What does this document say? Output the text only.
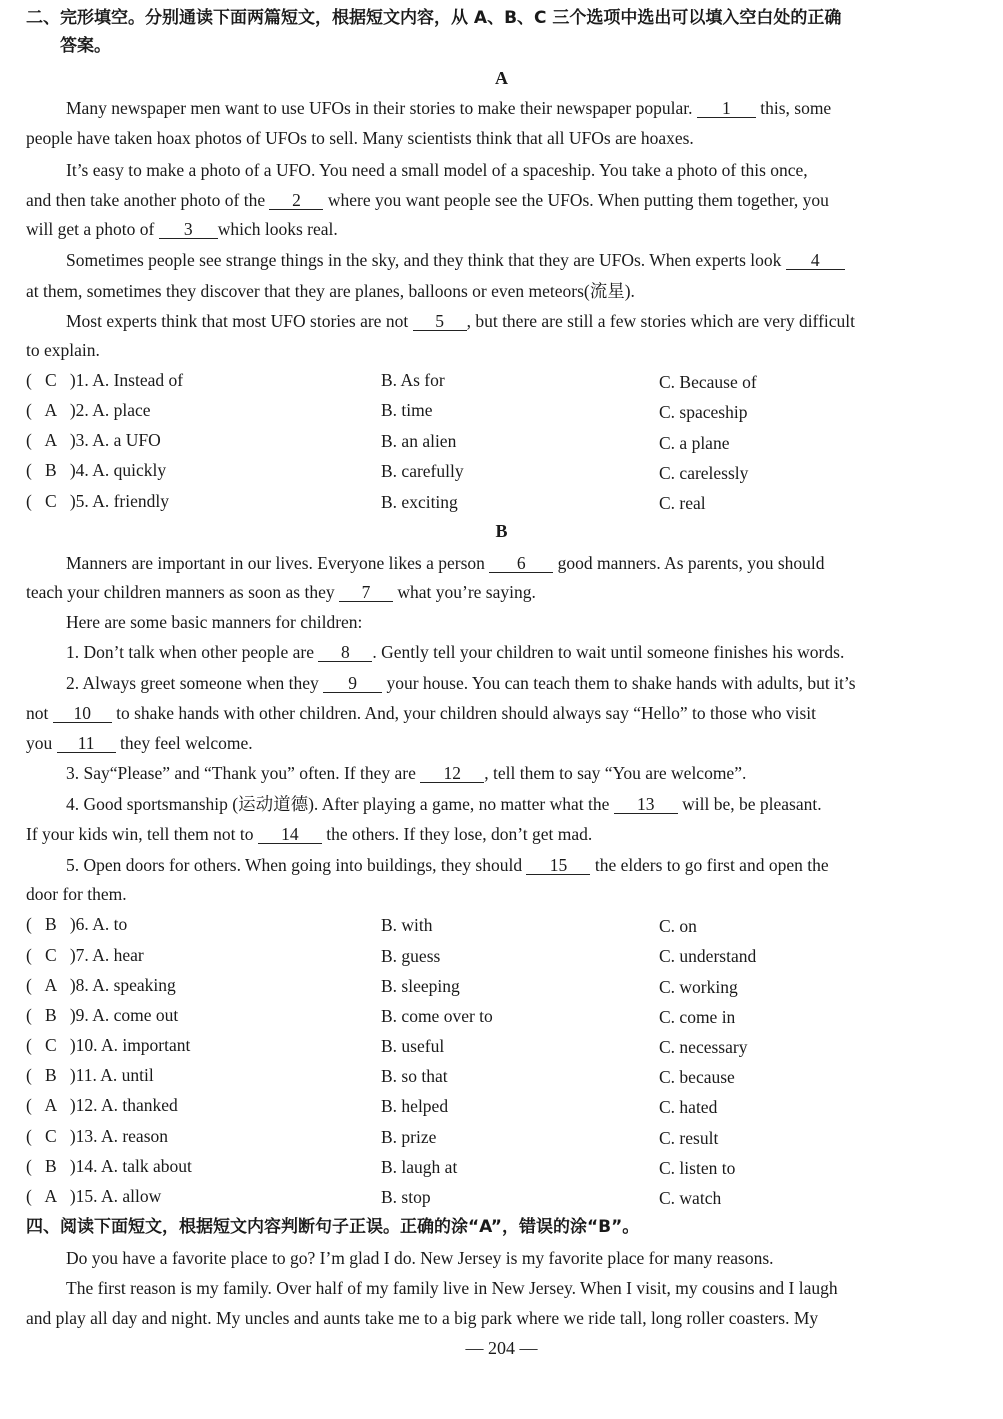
二、完形填空。分别通读下面两篇短文，根据短文内容，从 A、B、C 三个选项中选出可以填入空白处的正确
答案。
A
Many newspaper men want to use UFOs in their stories to make their newspaper popular. 1 this, some
people have taken hoax photos of UFOs to sell. Many scientists think that all UFOs are hoaxes.
It’s easy to make a photo of a UFO. You need a small model of a spaceship. You take a photo of this once,
and then take another photo of the 2 where you want people see the UFOs. When putting them together, you
will get a photo of 3 which looks real.
Sometimes people see strange things in the sky, and they think that they are UFOs. When experts look 4
at them, sometimes they discover that they are planes, balloons or even meteors(流星).
Most experts think that most UFO stories are not 5 , but there are still a few stories which are very difficult
to explain.
( C )1. A. Instead of	B. As for	C. Because of
( A )2. A. place	B. time	C. spaceship
( A )3. A. a UFO	B. an alien	C. a plane
( B )4. A. quickly	B. carefully	C. carelessly
( C )5. A. friendly	B. exciting	C. real
B
Manners are important in our lives. Everyone likes a person 6 good manners. As parents, you should
teach your children manners as soon as they 7 what you’re saying.
Here are some basic manners for children:
1. Don’t talk when other people are 8 . Gently tell your children to wait until someone finishes his words.
2. Always greet someone when they 9 your house. You can teach them to shake hands with adults, but it’s
not 10 to shake hands with other children. And, your children should always say “Hello” to those who visit
you 11 they feel welcome.
3. Say“Please” and “Thank you” often. If they are 12 , tell them to say “You are welcome”.
4. Good sportsmanship (运动道德). After playing a game, no matter what the 13 will be, be pleasant.
If your kids win, tell them not to 14 the others. If they lose, don’t get mad.
5. Open doors for others. When going into buildings, they should 15 the elders to go first and open the
door for them.
( B )6. A. to	B. with	C. on
( C )7. A. hear	B. guess	C. understand
( A )8. A. speaking	B. sleeping	C. working
( B )9. A. come out	B. come over to	C. come in
( C )10. A. important	B. useful	C. necessary
( B )11. A. until	B. so that	C. because
( A )12. A. thanked	B. helped	C. hated
( C )13. A. reason	B. prize	C. result
( B )14. A. talk about	B. laugh at	C. listen to
( A )15. A. allow	B. stop	C. watch
四、阅读下面短文，根据短文内容判断句子正误。正确的涂“A”，错误的涂“B”。
Do you have a favorite place to go? I’m glad I do. New Jersey is my favorite place for many reasons.
The first reason is my family. Over half of my family live in New Jersey. When I visit, my cousins and I laugh
and play all day and night. My uncles and aunts take me to a big park where we ride tall, long roller coasters. My
— 204 —
